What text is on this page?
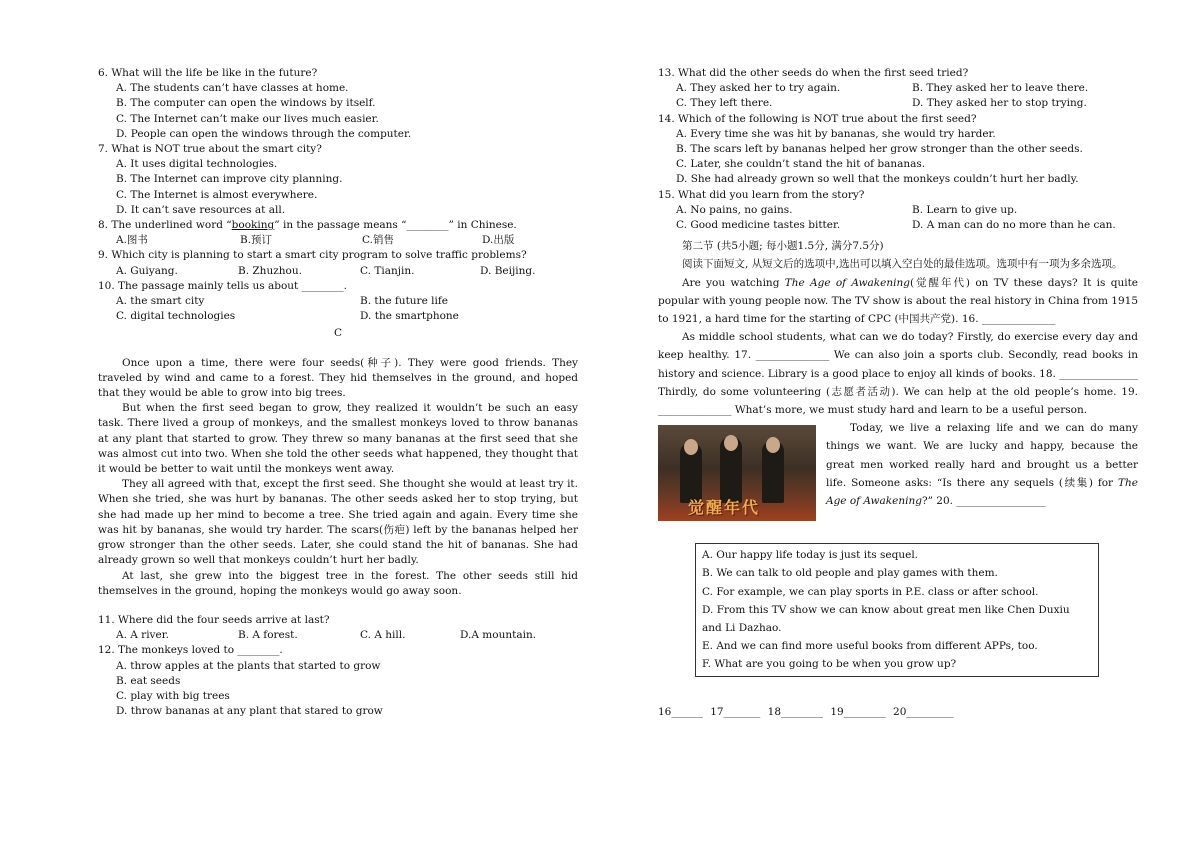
6. What will the life be like in the future?
A. The students can’t have classes at home.
B. The computer can open the windows by itself.
C. The Internet can’t make our lives much easier.
D. People can open the windows through the computer.
7. What is NOT true about the smart city?
A. It uses digital technologies.
B. The Internet can improve city planning.
C. The Internet is almost everywhere.
D. It can’t save resources at all.
8. The underlined word “booking” in the passage means “________” in Chinese.
A.图书	B.预订	C.销售	D.出版
9. Which city is planning to start a smart city program to solve traffic problems?
A. Guiyang.	B. Zhuzhou.	C. Tianjin.	D. Beijing.
10. The passage mainly tells us about ________.
A. the smart city	B. the future life
C. digital technologies	D. the smartphone
C
Once upon a time, there were four seeds(种子). They were good friends. They traveled by wind and came to a forest. They hid themselves in the ground, and hoped that they would be able to grow into big trees.
But when the first seed began to grow, they realized it wouldn’t be such an easy task. There lived a group of monkeys, and the smallest monkeys loved to throw bananas at any plant that started to grow. They threw so many bananas at the first seed that she was almost cut into two. When she told the other seeds what happened, they thought that it would be better to wait until the monkeys went away.
They all agreed with that, except the first seed. She thought she would at least try it. When she tried, she was hurt by bananas. The other seeds asked her to stop trying, but she had made up her mind to become a tree. She tried again and again. Every time she was hit by bananas, she would try harder. The scars(伤疤) left by the bananas helped her grow stronger than the other seeds. Later, she could stand the hit of bananas. She had already grown so well that monkeys couldn’t hurt her badly.
At last, she grew into the biggest tree in the forest. The other seeds still hid themselves in the ground, hoping the monkeys would go away soon.
11. Where did the four seeds arrive at last?
A. A river.	B. A forest.	C. A hill.	D.A mountain.
12. The monkeys loved to ________.
A. throw apples at the plants that started to grow
B. eat seeds
C. play with big trees
D. throw bananas at any plant that stared to grow
13. What did the other seeds do when the first seed tried?
A. They asked her to try again.	B. They asked her to leave there.
C. They left there.	D. They asked her to stop trying.
14. Which of the following is NOT true about the first seed?
A. Every time she was hit by bananas, she would try harder.
B. The scars left by bananas helped her grow stronger than the other seeds.
C. Later, she couldn’t stand the hit of bananas.
D. She had already grown so well that the monkeys couldn’t hurt her badly.
15. What did you learn from the story?
A. No pains, no gains.	B. Learn to give up.
C. Good medicine tastes bitter.	D. A man can do no more than he can.
第二节 (共5小题; 每小题1.5分, 满分7.5分)
阅读下面短文, 从短文后的选项中,选出可以填入空白处的最佳选项。选项中有一项为多余选项。
Are you watching The Age of Awakening(觉醒年代) on TV these days? It is quite popular with young people now. The TV show is about the real history in China from 1915 to 1921, a hard time for the starting of CPC (中国共产党). 16. ______________
As middle school students, what can we do today? Firstly, do exercise every day and keep healthy. 17. ______________ We can also join a sports club. Secondly, read books in history and science. Library is a good place to enjoy all kinds of books. 18. _______________ Thirdly, do some volunteering (志愿者活动). We can help at the old people’s home. 19. ______________ What’s more, we must study hard and learn to be a useful person.
觉醒年代
Today, we live a relaxing life and we can do many things we want. We are lucky and happy, because the great men worked really hard and brought us a better life. Someone asks: “Is there any sequels (续集) for The Age of Awakening?” 20. _________________
A. Our happy life today is just its sequel.
B. We can talk to old people and play games with them.
C. For example, we can play sports in P.E. class or after school.
D. From this TV show we can know about great men like Chen Duxiu and Li Dazhao.
E. And we can find more useful books from different APPs, too.
F. What are you going to be when you grow up?
16______ 17_______ 18________ 19________ 20_________
